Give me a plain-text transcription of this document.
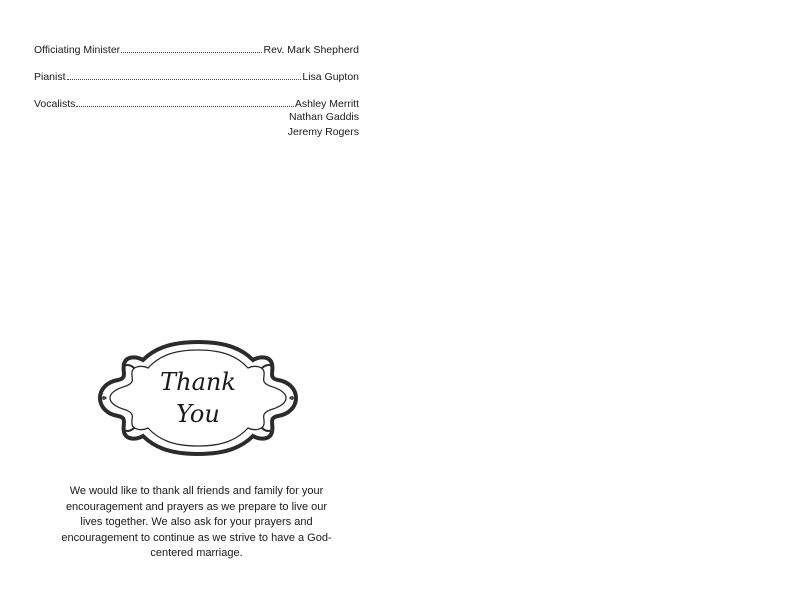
Officiating Minister	Rev. Mark Shepherd
Pianist	Lisa Gupton
Vocalists	Ashley Merritt
Nathan Gaddis
Jeremy Rogers
Thank
You
We would like to thank all friends and family for your encouragement and prayers as we prepare to live our lives together. We also ask for your prayers and encouragement to continue as we strive to have a God-centered marriage.
